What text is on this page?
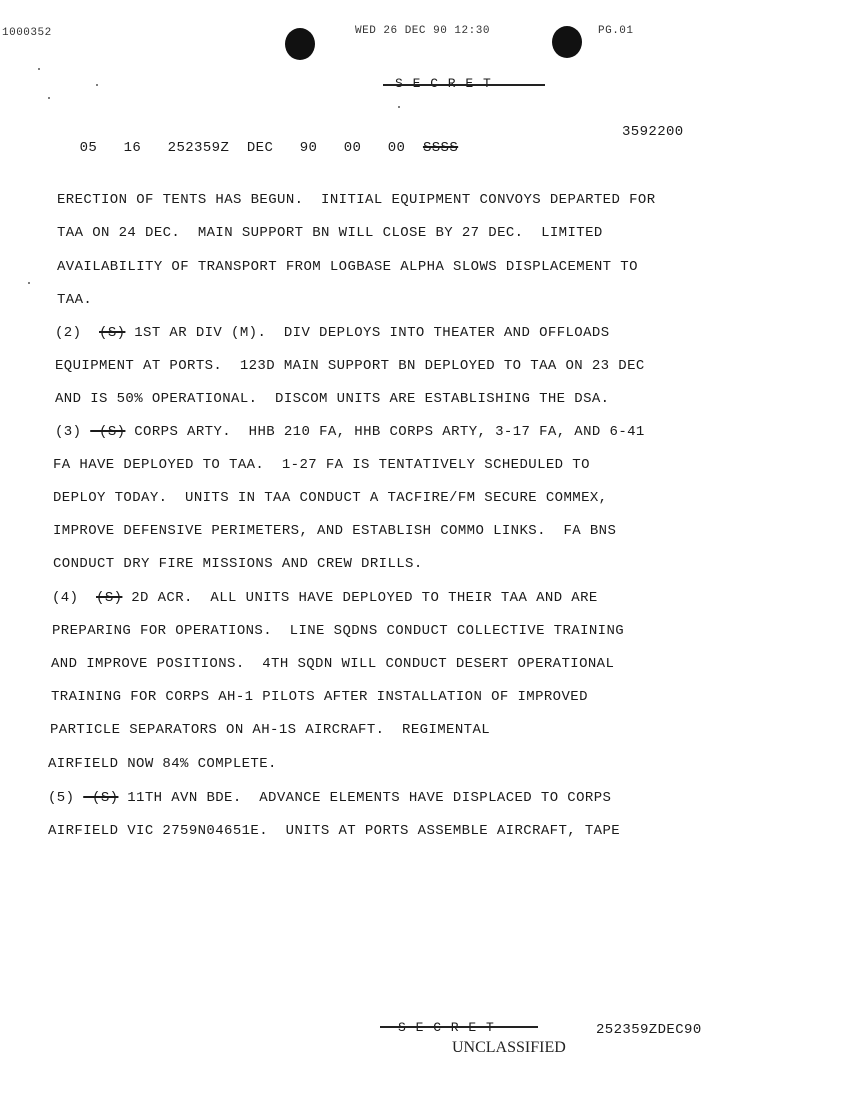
1000352	WED 26 DEC 90 12:30	PG.01

05 16 252359Z DEC 90 00 00 SSSS

3592200
ERECTION OF TENTS HAS BEGUN.  INITIAL EQUIPMENT CONVOYS DEPARTED FOR
TAA ON 24 DEC.  MAIN SUPPORT BN WILL CLOSE BY 27 DEC.  LIMITED
AVAILABILITY OF TRANSPORT FROM LOGBASE ALPHA SLOWS DISPLACEMENT TO
TAA.
(2)  (S) 1ST AR DIV (M).  DIV DEPLOYS INTO THEATER AND OFFLOADS
EQUIPMENT AT PORTS.  123D MAIN SUPPORT BN DEPLOYED TO TAA ON 23 DEC
AND IS 50% OPERATIONAL.  DISCOM UNITS ARE ESTABLISHING THE DSA.
(3) -(S) CORPS ARTY.  HHB 210 FA, HHB CORPS ARTY, 3-17 FA, AND 6-41
FA HAVE DEPLOYED TO TAA.  1-27 FA IS TENTATIVELY SCHEDULED TO
DEPLOY TODAY.  UNITS IN TAA CONDUCT A TACFIRE/FM SECURE COMMEX,
IMPROVE DEFENSIVE PERIMETERS, AND ESTABLISH COMMO LINKS.  FA BNS
CONDUCT DRY FIRE MISSIONS AND CREW DRILLS.
(4)  (S) 2D ACR.  ALL UNITS HAVE DEPLOYED TO THEIR TAA AND ARE
PREPARING FOR OPERATIONS.  LINE SQDNS CONDUCT COLLECTIVE TRAINING
AND IMPROVE POSITIONS.  4TH SQDN WILL CONDUCT DESERT OPERATIONAL
TRAINING FOR CORPS AH-1 PILOTS AFTER INSTALLATION OF IMPROVED
PARTICLE SEPARATORS ON AH-1S AIRCRAFT.  REGIMENTAL
AIRFIELD NOW 84% COMPLETE.
(5) -(S) 11TH AVN BDE.  ADVANCE ELEMENTS HAVE DISPLACED TO CORPS
AIRFIELD VIC 2759N04651E.  UNITS AT PORTS ASSEMBLE AIRCRAFT, TAPE
252359ZDEC90
UNCLASSIFIED
